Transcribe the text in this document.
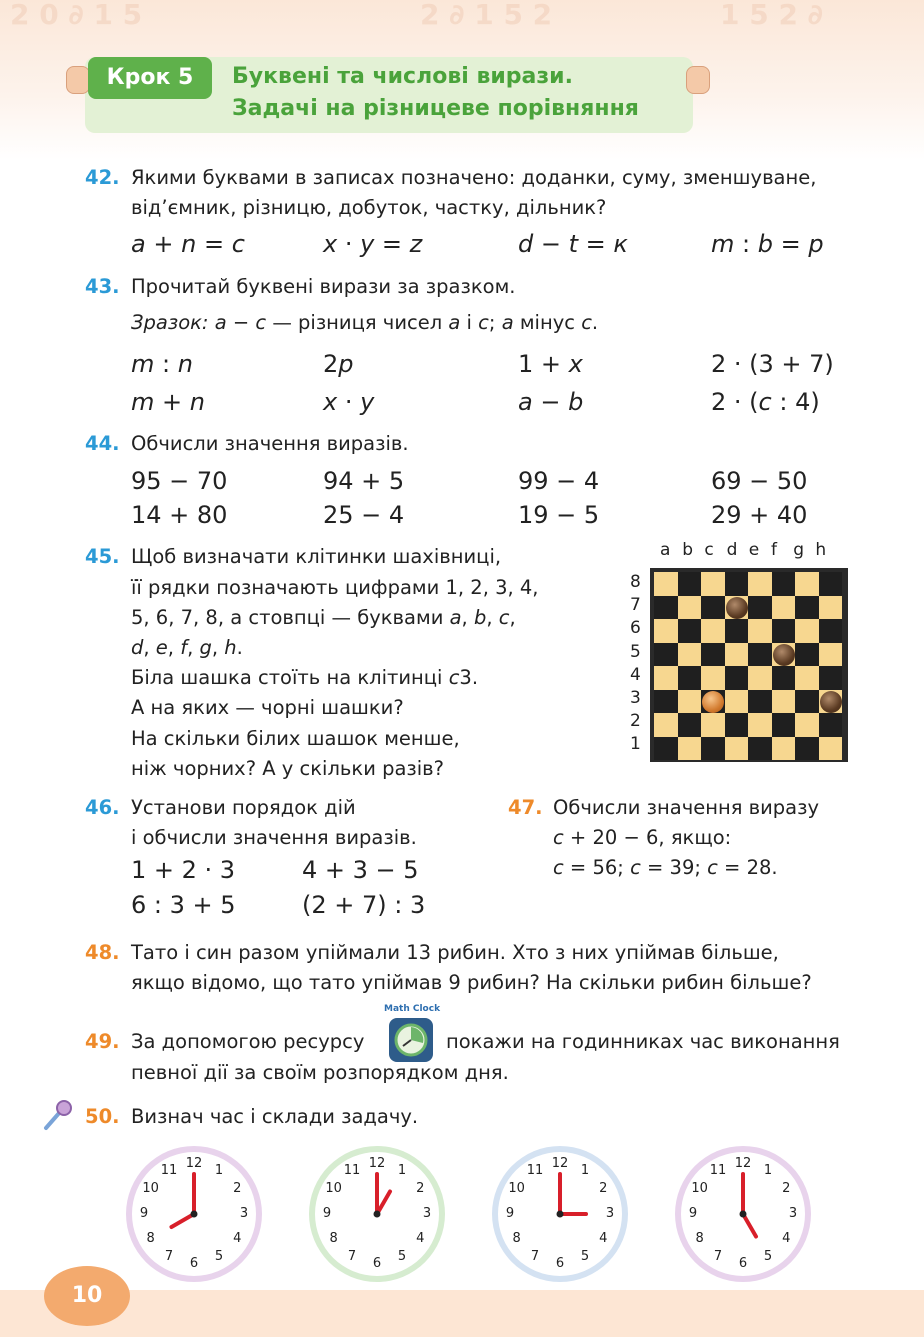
2 0 ∂ 1 5	2 ∂ 1 5 2	1 5 2 ∂
Крок 5	Буквені та числові вирази.
Задачі на різницеве порівняння
42. Якими буквами в записах позначено: доданки, суму, зменшуване,
від’ємник, різницю, добуток, частку, дільник?
a + n = c	x · y = z	d − t = к	m : b = p
43. Прочитай буквені вирази за зразком.
Зразок: a − c — різниця чисел a і c; a мінус c.
m : n	2p	1 + x	2 · (3 + 7)
m + n	x · y	a − b	2 · (c : 4)
44. Обчисли значення виразів.
95 − 70	94 + 5	99 − 4	69 − 50
14 + 80	25 − 4	19 − 5	29 + 40
45. Щоб визначати клітинки шахівниці,
її рядки позначають цифрами 1, 2, 3, 4,
5, 6, 7, 8, а стовпці — буквами a, b, c,
d, e, f, g, h.
Біла шашка стоїть на клітинці c3.
А на яких — чорні шашки?
На скільки білих шашок менше,
ніж чорних? А у скільки разів?
a b c d e f g h
8
7
6
5
4
3
2
1
46. Установи порядок дій
і обчисли значення виразів.
1 + 2 · 3	4 + 3 − 5
6 : 3 + 5	(2 + 7) : 3
47. Обчисли значення виразу
c + 20 − 6, якщо:
c = 56; c = 39; c = 28.
48. Тато і син разом упіймали 13 рибин. Хто з них упіймав більше,
якщо відомо, що тато упіймав 9 рибин? На скільки рибин більше?
Math Clock
49. За допомогою ресурсу	покажи на годинниках час виконання
певної дії за своїм розпорядком дня.
50. Визнач час і склади задачу.
12 1
2
3
4
5
6
7
8
9
10
11	12 1
2
3
4
5
6
7
8
9
10
11	12 1
2
3
4
5
6
7
8
9
10
11	12 1
2
3
4
5
6
7
8
9
10
11
10
